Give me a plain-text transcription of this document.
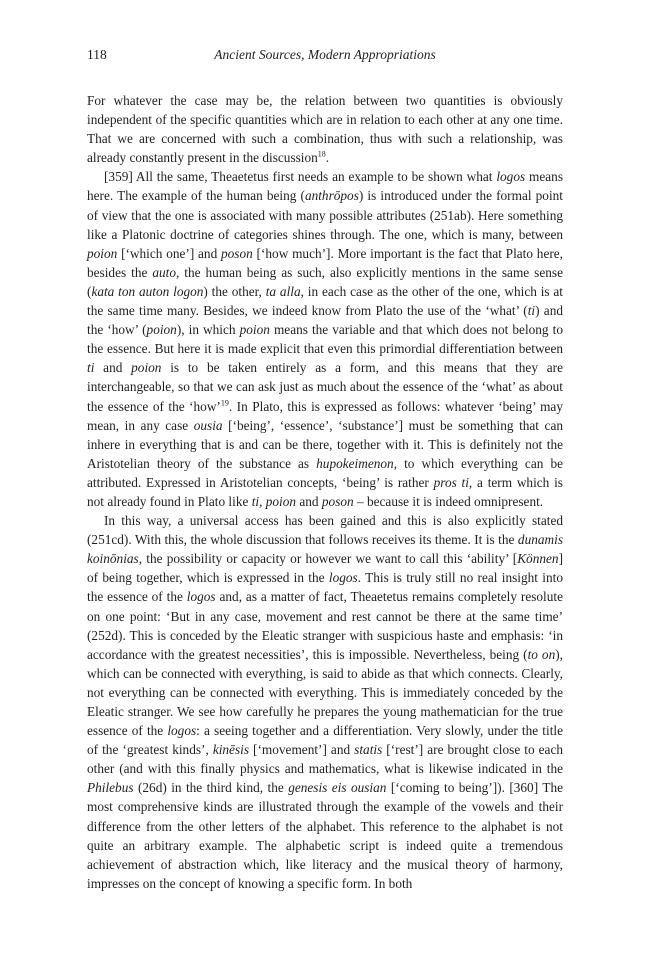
118	Ancient Sources, Modern Appropriations

For whatever the case may be, the relation between two quantities is obviously independent of the specific quantities which are in relation to each other at any one time. That we are concerned with such a combination, thus with such a relationship, was already constantly present in the discussion$^{18}$.

[359] All the same, Theaetetus first needs an example to be shown what logos means here. The example of the human being (anthrōpos) is introduced under the formal point of view that the one is associated with many possible attributes (251ab). Here something like a Platonic doctrine of categories shines through. The one, which is many, between poion [‘which one’] and poson [‘how much’]. More important is the fact that Plato here, besides the auto, the human being as such, also explicitly mentions in the same sense (kata ton auton logon) the other, ta alla, in each case as the other of the one, which is at the same time many. Besides, we indeed know from Plato the use of the ‘what’ (ti) and the ‘how’ (poion), in which poion means the variable and that which does not belong to the essence. But here it is made explicit that even this primordial differentiation between ti and poion is to be taken entirely as a form, and this means that they are interchangeable, so that we can ask just as much about the essence of the ‘what’ as about the essence of the ‘how’$^{19}$. In Plato, this is expressed as follows: whatever ‘being’ may mean, in any case ousia [‘being’, ‘essence’, ‘substance’] must be something that can inhere in everything that is and can be there, together with it. This is definitely not the Aristotelian theory of the substance as hupokeimenon, to which everything can be attributed. Expressed in Aristotelian concepts, ‘being’ is rather pros ti, a term which is not already found in Plato like ti, poion and poson – because it is indeed omnipresent.

In this way, a universal access has been gained and this is also explicitly stated (251cd). With this, the whole discussion that follows receives its theme. It is the dunamis koinōnias, the possibility or capacity or however we want to call this ‘ability’ [Können] of being together, which is expressed in the logos. This is truly still no real insight into the essence of the logos and, as a matter of fact, Theaetetus remains completely resolute on one point: ‘But in any case, movement and rest cannot be there at the same time’ (252d). This is conceded by the Eleatic stranger with suspicious haste and emphasis: ‘in accordance with the greatest necessities’, this is impossible. Nevertheless, being (to on), which can be connected with everything, is said to abide as that which connects. Clearly, not everything can be connected with everything. This is immediately conceded by the Eleatic stranger. We see how carefully he prepares the young mathematician for the true essence of the logos: a seeing together and a differentiation. Very slowly, under the title of the ‘greatest kinds’, kinēsis [‘movement’] and statis [‘rest’] are brought close to each other (and with this finally physics and mathematics, what is likewise indicated in the Philebus (26d) in the third kind, the genesis eis ousian [‘coming to being’]). [360] The most comprehensive kinds are illustrated through the example of the vowels and their difference from the other letters of the alphabet. This reference to the alphabet is not quite an arbitrary example. The alphabetic script is indeed quite a tremendous achievement of abstraction which, like literacy and the musical theory of harmony, impresses on the concept of knowing a specific form. In both
